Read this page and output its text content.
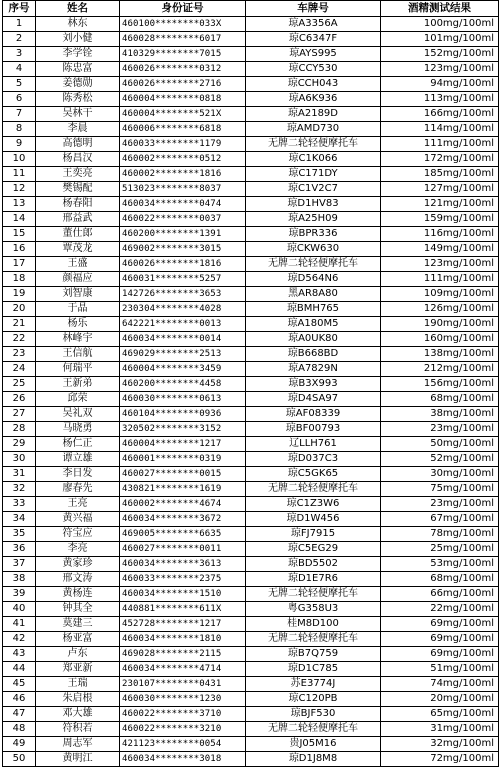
序号	姓名	身份证号	车牌号	酒精测试结果
1	林东	460100********033X	琼A3356A	100mg/100ml
2	刘小健	460028********6017	琼C6347F	101mg/100ml
3	李学铨	410329********7015	琼AYS995	152mg/100ml
4	陈忠富	460026********0312	琼CCY530	123mg/100ml
5	姜德勋	460026********2716	琼CCH043	94mg/100ml
6	陈秀松	460004********0818	琼A6K936	113mg/100ml
7	吴林干	460004********521X	琼A2189D	166mg/100ml
8	李晨	460006********6818	琼AMD730	114mg/100ml
9	高德明	460033********1179	无牌二轮轻便摩托车	111mg/100ml
10	杨昌汉	460002********0512	琼C1K066	172mg/100ml
11	王奕亮	460002********1816	琼C171DY	185mg/100ml
12	樊锡配	513023********8037	琼C1V2C7	127mg/100ml
13	杨春阳	460034********0474	琼D1HV83	121mg/100ml
14	邢益武	460022********0037	琼A25H09	159mg/100ml
15	董仕郎	460200********1391	琼BPR336	116mg/100ml
16	覃茂龙	469002********3015	琼CKW630	149mg/100ml
17	王盛	460026********1816	无牌二轮轻便摩托车	123mg/100ml
18	颜福应	460031********5257	琼D564N6	111mg/100ml
19	刘智康	142726********3653	黑AR8A80	109mg/100ml
20	于晶	230304********4028	琼BMH765	126mg/100ml
21	杨乐	642221********0013	琼A180M5	190mg/100ml
22	林峰宇	460034********0014	琼A0UK80	160mg/100ml
23	王信航	469029********2513	琼B668BD	138mg/100ml
24	何瑞平	460004********3459	琼A7829N	212mg/100ml
25	王新弟	460200********4458	琼B3X993	156mg/100ml
26	邱荣	460030********0613	琼D4SA97	68mg/100ml
27	吴礼双	460104********0936	琼AF08339	38mg/100ml
28	马晓勇	320502********3152	琼BF00793	23mg/100ml
29	杨仁正	460004********1217	辽LLH761	50mg/100ml
30	谭立雄	460001********0319	琼D037C3	52mg/100ml
31	李日发	460027********0015	琼C5GK65	30mg/100ml
32	廖春先	430821********1619	无牌二轮轻便摩托车	75mg/100ml
33	王亮	460002********4674	琼C1Z3W6	23mg/100ml
34	黄兴福	460034********3672	琼D1W456	67mg/100ml
35	符宝应	469005********6635	琼FJ7915	78mg/100ml
36	李亮	460027********0011	琼C5EG29	25mg/100ml
37	黄家珍	460034********3613	琼BD5502	53mg/100ml
38	邢文涛	460033********2375	琼D1E7R6	68mg/100ml
39	黄杨连	460034********1510	无牌二轮轻便摩托车	66mg/100ml
40	钟其全	440881********611X	粤G358U3	22mg/100ml
41	莫建三	452728********1217	桂M8D100	69mg/100ml
42	杨亚富	460034********1810	无牌二轮轻便摩托车	69mg/100ml
43	卢东	469028********2115	琼B7Q759	69mg/100ml
44	郑亚新	460034********4714	琼D1C785	51mg/100ml
45	王瑞	230107********0431	苏E3774J	74mg/100ml
46	朱启根	460030********1230	琼C120PB	20mg/100ml
47	邓大雄	460022********3710	琼BJF530	65mg/100ml
48	符积若	460022********3210	无牌二轮轻便摩托车	31mg/100ml
49	周志军	421123********0054	贵J05M16	32mg/100ml
50	黄明江	460034********3018	琼D1J8M8	72mg/100ml
